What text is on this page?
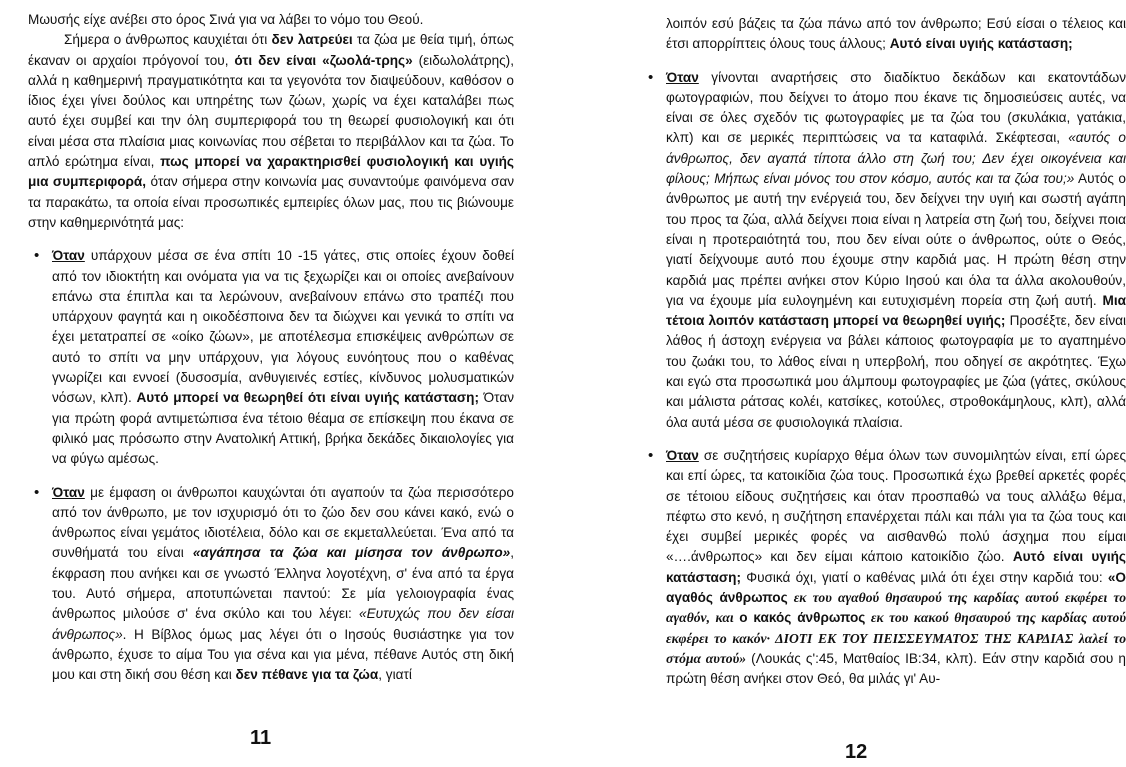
Μωυσής είχε ανέβει στο όρος Σινά για να λάβει το νόμο του Θεού.

Σήμερα ο άνθρωπος καυχιέται ότι δεν λατρεύει τα ζώα με θεία τιμή, όπως έκαναν οι αρχαίοι πρόγονοί του, ότι δεν είναι «ζωολά-τρης» (ειδωλολάτρης), αλλά η καθημερινή πραγματικότητα και τα γεγονότα τον διαψεύδουν, καθόσον ο ίδιος έχει γίνει δούλος και υπηρέτης των ζώων, χωρίς να έχει καταλάβει πως αυτό έχει συμβεί και την όλη συμπεριφορά του τη θεωρεί φυσιολογική και ότι είναι μέσα στα πλαίσια μιας κοινωνίας που σέβεται το περιβάλλον και τα ζώα. Το απλό ερώτημα είναι, πως μπορεί να χαρακτηρισθεί φυσιολογική και υγιής μια συμπεριφορά, όταν σήμερα στην κοινωνία μας συναντούμε φαινόμενα σαν τα παρακάτω, τα οποία είναι προσωπικές εμπειρίες όλων μας, που τις βιώνουμε στην καθημερινότητά μας:

• Όταν υπάρχουν μέσα σε ένα σπίτι 10 -15 γάτες, στις οποίες έχουν δοθεί από τον ιδιοκτήτη και ονόματα για να τις ξεχωρίζει και οι οποίες ανεβαίνουν επάνω στα έπιπλα και τα λερώνουν, ανεβαίνουν επάνω στο τραπέζι που υπάρχουν φαγητά και η οικοδέσποινα δεν τα διώχνει και γενικά το σπίτι να έχει μετατραπεί σε «οίκο ζώων», με αποτέλεσμα επισκέψεις ανθρώπων σε αυτό το σπίτι να μην υπάρχουν, για λόγους ευνόητους που ο καθένας γνωρίζει και εννοεί (δυσοσμία, ανθυγιεινές εστίες, κίνδυνος μολυσματικών νόσων, κλπ). Αυτό μπορεί να θεωρηθεί ότι είναι υγιής κατάσταση; Όταν για πρώτη φορά αντιμετώπισα ένα τέτοιο θέαμα σε επίσκεψη που έκανα σε φιλικό μας πρόσωπο στην Ανατολική Αττική, βρήκα δεκάδες δικαιολογίες για να φύγω αμέσως.
• Όταν με έμφαση οι άνθρωποι καυχώνται ότι αγαπούν τα ζώα περισσότερο από τον άνθρωπο, με τον ισχυρισμό ότι το ζώο δεν σου κάνει κακό, ενώ ο άνθρωπος είναι γεμάτος ιδιοτέλεια, δόλο και σε εκμεταλλεύεται. Ένα από τα συνθήματά του είναι «αγάπησα τα ζώα και μίσησα τον άνθρωπο», έκφραση που ανήκει και σε γνωστό Έλληνα λογοτέχνη, σ' ένα από τα έργα του. Αυτό σήμερα, αποτυπώνεται παντού: Σε μία γελοιογραφία ένας άνθρωπος μιλούσε σ' ένα σκύλο και του λέγει: «Ευτυχώς που δεν είσαι άνθρωπος». Η Βίβλος όμως μας λέγει ότι ο Ιησούς θυσιάστηκε για τον άνθρωπο, έχυσε το αίμα Του για σένα και για μένα, πέθανε Αυτός στη δική μου και στη δική σου θέση και δεν πέθανε για τα ζώα, γιατί
11

λοιπόν εσύ βάζεις τα ζώα πάνω από τον άνθρωπο; Εσύ είσαι ο τέλειος και έτσι απορρίπτεις όλους τους άλλους; Αυτό είναι υγιής κατάσταση;

• Όταν γίνονται αναρτήσεις στο διαδίκτυο δεκάδων και εκατοντάδων φωτογραφιών, που δείχνει το άτομο που έκανε τις δημοσιεύσεις αυτές, να είναι σε όλες σχεδόν τις φωτογραφίες με τα ζώα του (σκυλάκια, γατάκια, κλπ) και σε μερικές περιπτώσεις να τα καταφιλά. Σκέφτεσαι, «αυτός ο άνθρωπος, δεν αγαπά τίποτα άλλο στη ζωή του; Δεν έχει οικογένεια και φίλους; Μήπως είναι μόνος του στον κόσμο, αυτός και τα ζώα του;» Αυτός ο άνθρωπος με αυτή την ενέργειά του, δεν δείχνει την υγιή και σωστή αγάπη του προς τα ζώα, αλλά δείχνει ποια είναι η λατρεία στη ζωή του, δείχνει ποια είναι η προτεραιότητά του, που δεν είναι ούτε ο άνθρωπος, ούτε ο Θεός, γιατί δείχνουμε αυτό που έχουμε στην καρδιά μας. Η πρώτη θέση στην καρδιά μας πρέπει ανήκει στον Κύριο Ιησού και όλα τα άλλα ακολουθούν, για να έχουμε μία ευλογημένη και ευτυχισμένη πορεία στη ζωή αυτή. Μια τέτοια λοιπόν κατάσταση μπορεί να θεωρηθεί υγιής; Προσέξτε, δεν είναι λάθος ή άστοχη ενέργεια να βάλει κάποιος φωτογραφία με το αγαπημένο του ζωάκι του, το λάθος είναι η υπερβολή, που οδηγεί σε ακρότητες. Έχω και εγώ στα προσωπικά μου άλμπουμ φωτογραφίες με ζώα (γάτες, σκύλους και μάλιστα ράτσας κολέι, κατσίκες, κοτούλες, στροθοκάμηλους, κλπ), αλλά όλα αυτά μέσα σε φυσιολογικά πλαίσια.
• Όταν σε συζητήσεις κυρίαρχο θέμα όλων των συνομιλητών είναι, επί ώρες και επί ώρες, τα κατοικίδια ζώα τους. Προσωπικά έχω βρεθεί αρκετές φορές σε τέτοιου είδους συζητήσεις και όταν προσπαθώ να τους αλλάξω θέμα, πέφτω στο κενό, η συζήτηση επανέρχεται πάλι και πάλι για τα ζώα τους και έχει συμβεί μερικές φορές να αισθανθώ πολύ άσχημα που είμαι «….άνθρωπος» και δεν είμαι κάποιο κατοικίδιο ζώο. Αυτό είναι υγιής κατάσταση; Φυσικά όχι, γιατί ο καθένας μιλά ότι έχει στην καρδιά του: «Ο αγαθός άνθρωπος εκ του αγαθού θησαυρού της καρδίας αυτού εκφέρει το αγαθόν, και ο κακός άνθρωπος εκ του κακού θησαυρού της καρδίας αυτού εκφέρει το κακόν· ΔΙΟΤΙ ΕΚ ΤΟΥ ΠΕΙΣΣΕΥΜΑΤΟΣ ΤΗΣ ΚΑΡΔΙΑΣ λαλεί το στόμα αυτού» (Λουκάς ς':45, Ματθαίος ΙΒ:34, κλπ). Εάν στην καρδιά σου η πρώτη θέση ανήκει στον Θεό, θα μιλάς γι' Αυ-
12
